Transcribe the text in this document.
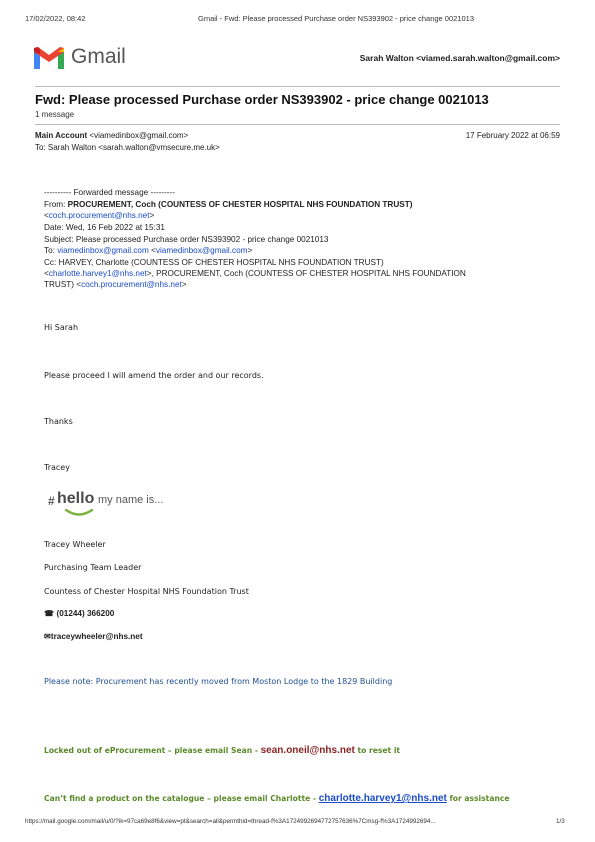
17/02/2022, 08:42	Gmail - Fwd: Please processed Purchase order NS393902 - price change 0021013
Gmail	Sarah Walton <viamed.sarah.walton@gmail.com>
Fwd: Please processed Purchase order NS393902 - price change 0021013
1 message
Main Account <viamedinbox@gmail.com>	17 February 2022 at 06:59
To: Sarah Walton <sarah.walton@vmsecure.me.uk>
---------- Forwarded message ---------
From: PROCUREMENT, Coch (COUNTESS OF CHESTER HOSPITAL NHS FOUNDATION TRUST)
<coch.procurement@nhs.net>
Date: Wed, 16 Feb 2022 at 15:31
Subject: Please processed Purchase order NS393902 - price change 0021013
To: viamedinbox@gmail.com <viamedinbox@gmail.com>
Cc: HARVEY, Charlotte (COUNTESS OF CHESTER HOSPITAL NHS FOUNDATION TRUST)
<charlotte.harvey1@nhs.net>, PROCUREMENT, Coch (COUNTESS OF CHESTER HOSPITAL NHS FOUNDATION
TRUST) <coch.procurement@nhs.net>
Hi Sarah
Please proceed I will amend the order and our records.
Thanks
Tracey
# hello my name is...
Tracey Wheeler
Purchasing Team Leader
Countess of Chester Hospital NHS Foundation Trust
☎ (01244) 366200
✉traceywheeler@nhs.net
Please note: Procurement has recently moved from Moston Lodge to the 1829 Building
Locked out of eProcurement – please email Sean - sean.oneil@nhs.net to reset it
Can’t find a product on the catalogue – please email Charlotte - charlotte.harvey1@nhs.net for assistance
https://mail.google.com/mail/u/0/?ik=97ca69e8f6&view=pt&search=all&permthid=thread-f%3A1724992694772757636%7Cmsg-f%3A1724992694...	1/3
